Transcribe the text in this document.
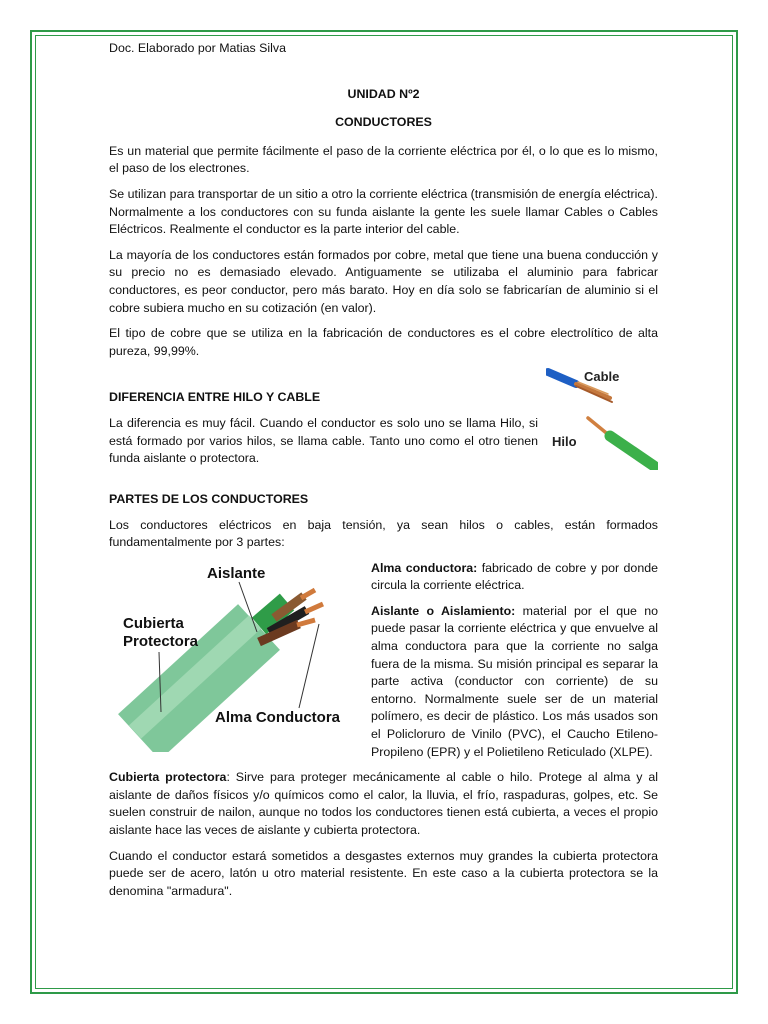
Doc. Elaborado por Matias Silva

UNIDAD Nº2

CONDUCTORES

Es un material que permite fácilmente el paso de la corriente eléctrica por él, o lo que es lo mismo, el paso de los electrones.

Se utilizan para transportar de un sitio a otro la corriente eléctrica (transmisión de energía eléctrica). Normalmente a los conductores con su funda aislante la gente les suele llamar Cables o Cables Eléctricos. Realmente el conductor es la parte interior del cable.

La mayoría de los conductores están formados por cobre, metal que tiene una buena conducción y su precio no es demasiado elevado. Antiguamente se utilizaba el aluminio para fabricar conductores, es peor conductor, pero más barato. Hoy en día solo se fabricarían de aluminio si el cobre subiera mucho en su cotización (en valor).

El tipo de cobre que se utiliza en la fabricación de conductores es el cobre electrolítico de alta pureza, 99,99%.

DIFERENCIA ENTRE HILO Y CABLE

La diferencia es muy fácil. Cuando el conductor es solo uno se llama Hilo, si está formado por varios hilos, se llama cable. Tanto uno como el otro tienen funda aislante o protectora.

Cable
Hilo

PARTES DE LOS CONDUCTORES

Los conductores eléctricos en baja tensión, ya sean hilos o cables, están formados fundamentalmente por 3 partes:

Aislante
Cubierta
Protectora
Alma Conductora

Alma conductora: fabricado de cobre y por donde circula la corriente eléctrica.

Aislante o Aislamiento: material por el que no puede pasar la corriente eléctrica y que envuelve al alma conductora para que la corriente no salga fuera de la misma. Su misión principal es separar la parte activa (conductor con corriente) de su entorno. Normalmente suele ser de un material polímero, es decir de plástico. Los más usados son el Policloruro de Vinilo (PVC), el Caucho Etileno-Propileno (EPR) y el Polietileno Reticulado (XLPE).

Cubierta protectora: Sirve para proteger mecánicamente al cable o hilo. Protege al alma y al aislante de daños físicos y/o químicos como el calor, la lluvia, el frío, raspaduras, golpes, etc. Se suelen construir de nailon, aunque no todos los conductores tienen está cubierta, a veces el propio aislante hace las veces de aislante y cubierta protectora.

Cuando el conductor estará sometidos a desgastes externos muy grandes la cubierta protectora puede ser de acero, latón u otro material resistente. En este caso a la cubierta protectora se la denomina "armadura".
